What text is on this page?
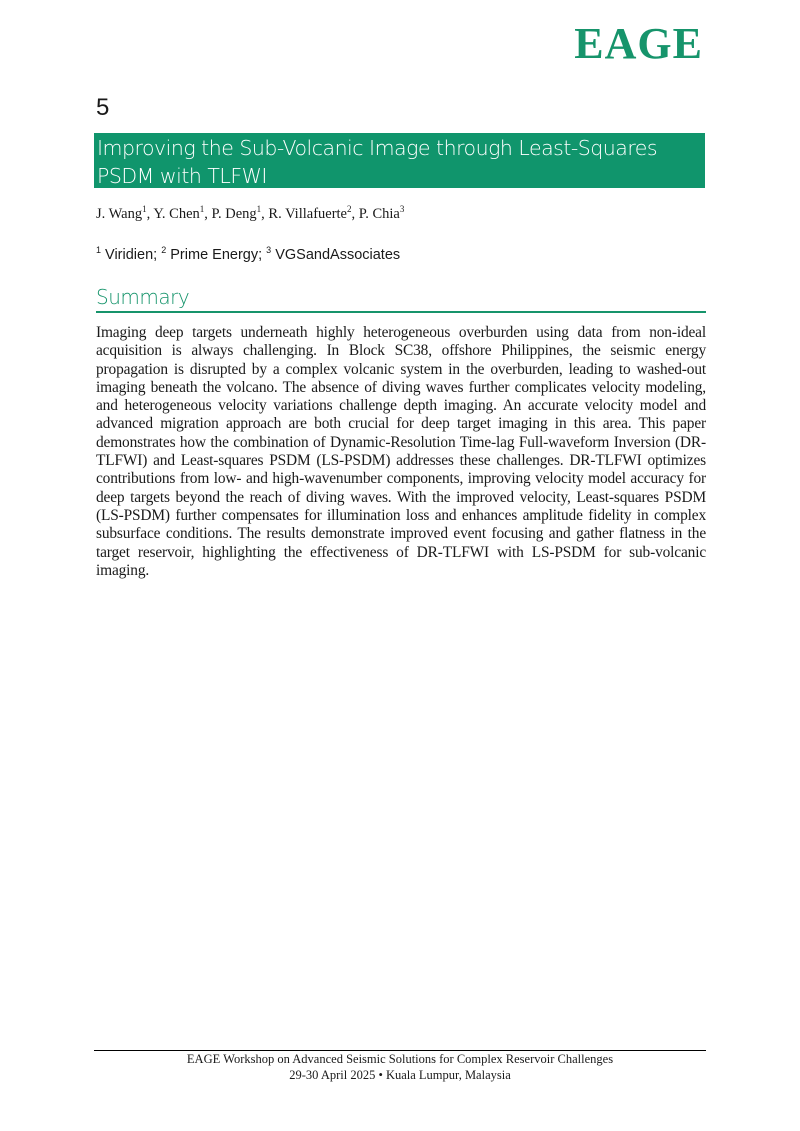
EAGE
5
Improving the Sub-Volcanic Image through Least-Squares
PSDM with TLFWI
J. Wang$^1$, Y. Chen$^1$, P. Deng$^1$, R. Villafuerte$^2$, P. Chia$^3$
$^1$ Viridien; $^2$ Prime Energy; $^3$ VGSandAssociates
Summary

Imaging deep targets underneath highly heterogeneous overburden using data from non-ideal acquisition is always challenging. In Block SC38, offshore Philippines, the seismic energy propagation is disrupted by a complex volcanic system in the overburden, leading to washed-out imaging beneath the volcano. The absence of diving waves further complicates velocity modeling, and heterogeneous velocity variations challenge depth imaging. An accurate velocity model and advanced migration approach are both crucial for deep target imaging in this area. This paper demonstrates how the combination of Dynamic-Resolution Time-lag Full-waveform Inversion (DR-TLFWI) and Least-squares PSDM (LS-PSDM) addresses these challenges. DR-TLFWI optimizes contributions from low- and high-wavenumber components, improving velocity model accuracy for deep targets beyond the reach of diving waves. With the improved velocity, Least-squares PSDM (LS-PSDM) further compensates for illumination loss and enhances amplitude fidelity in complex subsurface conditions. The results demonstrate improved event focusing and gather flatness in the target reservoir, highlighting the effectiveness of DR-TLFWI with LS-PSDM for sub-volcanic imaging.

EAGE Workshop on Advanced Seismic Solutions for Complex Reservoir Challenges
29-30 April 2025 • Kuala Lumpur, Malaysia
